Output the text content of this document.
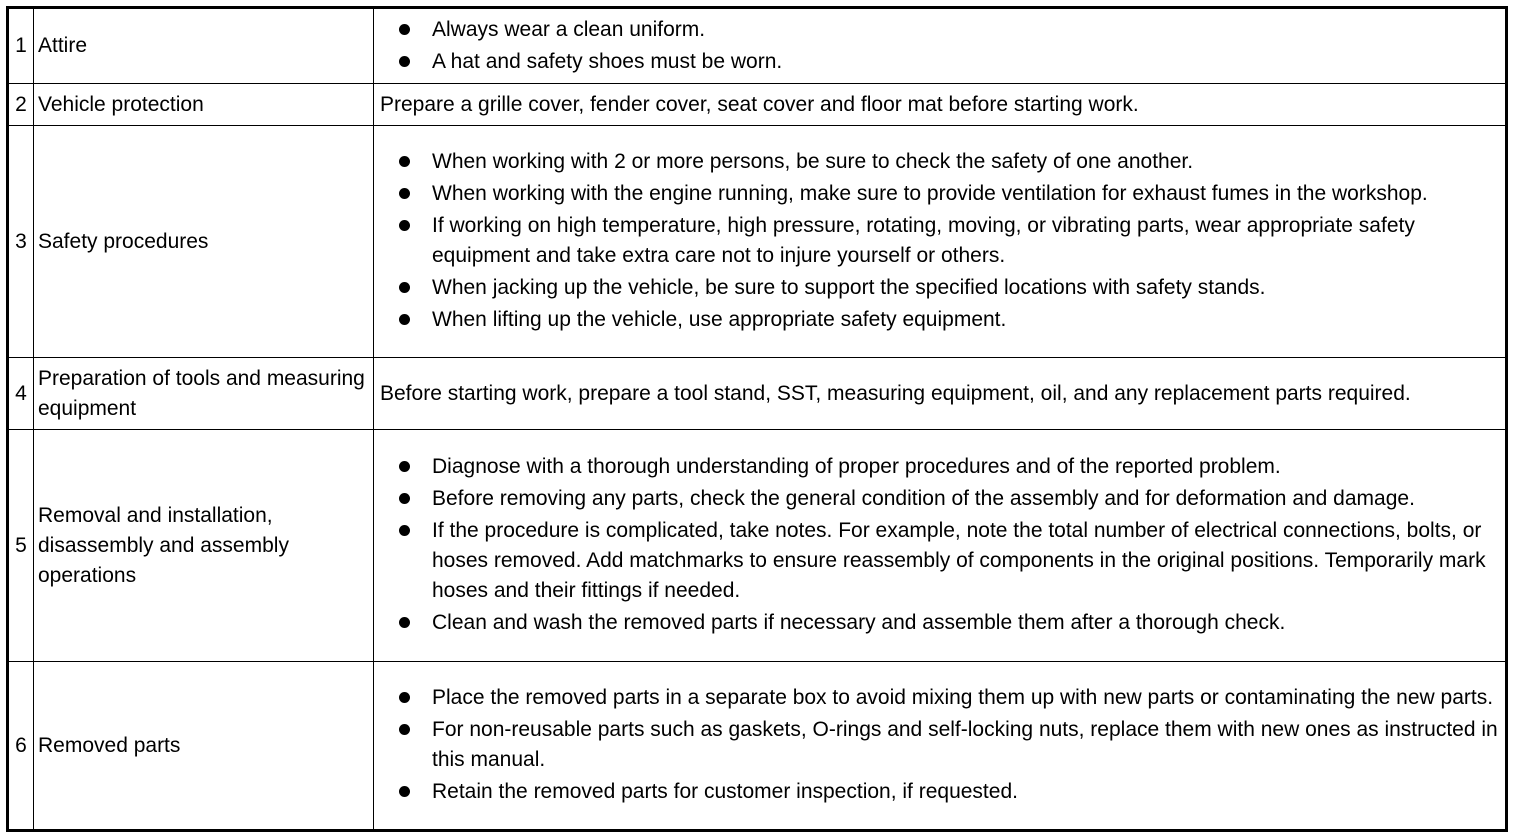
1	Attire	Always wear a clean uniform.
A hat and safety shoes must be worn.

2	Vehicle protection	Prepare a grille cover, fender cover, seat cover and floor mat before starting work.
3	Safety procedures	When working with 2 or more persons, be sure to check the safety of one another.
When working with the engine running, make sure to provide ventilation for exhaust fumes in the workshop.
If working on high temperature, high pressure, rotating, moving, or vibrating parts, wear appropriate safety equipment and take extra care not to injure yourself or others.
When jacking up the vehicle, be sure to support the specified locations with safety stands.
When lifting up the vehicle, use appropriate safety equipment.

4	Preparation of tools and measuring equipment	Before starting work, prepare a tool stand, SST, measuring equipment, oil, and any replacement parts required.
5	Removal and installation, disassembly and assembly operations	Diagnose with a thorough understanding of proper procedures and of the reported problem.
Before removing any parts, check the general condition of the assembly and for deformation and damage.
If the procedure is complicated, take notes. For example, note the total number of electrical connections, bolts, or hoses removed. Add matchmarks to ensure reassembly of components in the original positions. Temporarily mark hoses and their fittings if needed.
Clean and wash the removed parts if necessary and assemble them after a thorough check.

6	Removed parts	Place the removed parts in a separate box to avoid mixing them up with new parts or contaminating the new parts.
For non-reusable parts such as gaskets, O-rings and self-locking nuts, replace them with new ones as instructed in this manual.
Retain the removed parts for customer inspection, if requested.
